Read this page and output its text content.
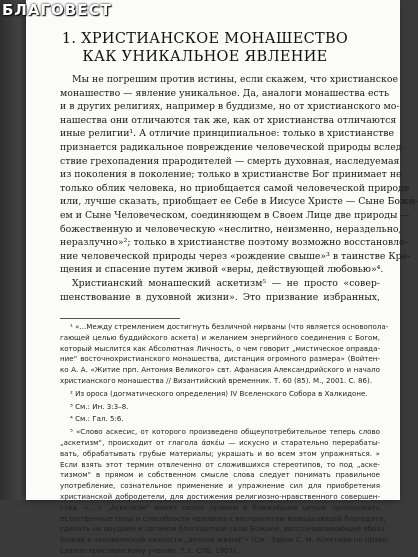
БЛАГОВЕСТ
1. ХРИСТИАНСКОЕ МОНАШЕСТВО
КАК УНИКАЛЬНОЕ ЯВЛЕНИЕ
Мы не погрешим против истины, если скажем, что христианское
монашество — явление уникальное. Да, аналоги монашества есть
и в других религиях, например в буддизме, но от христианского мо-
нашества они отличаются так же, как от христианства отличаются
иные религии¹. А отличие принципиальное: только в христианстве
признается радикальное повреждение человеческой природы вслед-
ствие грехопадения прародителей — смерть духовная, наследуемая
из поколения в поколение; только в христианстве Бог принимает не
только облик человека, но приобщается самой человеческой природе
или, лучше сказать, приобщает ее Себе в Иисусе Христе — Сыне Божи-
ем и Сыне Человеческом, соединяющем в Своем Лице две природы —
божественную и человеческую «неслитно, неизменно, нераздельно,
неразлучно»²; только в христианстве поэтому возможно восстановле-
ние человеческой природы через «рождение свыше»³ в таинстве Кре-
щения и спасение путем живой «веры, действующей любовью»⁴.
Христианский монашеский аскетизм⁵ — не просто «совер-
шенствование в духовной жизни». Это призвание избранных,
¹ «...Между стремлением достигнуть безличной нирваны (что является основопола-
гающей целью буддийского аскета) и желанием энергийного соединения с Богом,
который мыслится как Абсолютная Личность, о чем говорит „мистическое оправда-
ние“ восточнохристианского монашества, дистанция огромного размера» (Войтен-
ко А. А. «Житие прп. Антония Великого» свт. Афанасия Александрийского и начало
христианского монашества // Византийский временник. Т. 60 (85). М., 2001. С. 86).
² Из ороса (догматического определения) IV Вселенского Собора в Халкидоне.
³ См.: Ин. 3:3–8.
⁴ См.: Гал. 5:6.
⁵ «Слово аскесис, от которого произведено общеупотребительное теперь слово
„аскетизм“, происходит от глагола άσκέω — искусно и старательно перерабаты-
вать, обрабатывать грубые материалы; украшать и во всем этом упражняться. »
Если взять этот термин отвлеченно от сложившихся стереотипов, то под „аске-
тизмом“ в прямом и собственном смысле слова следует понимать правильное
употребление, сознательное применение и упражнение сил для приобретения
христианской добродетели, для достижения религиозно-нравственного совершен-
ства. <...> „Аскетизм“ имеет своею прямою и ближайшею целью приноровить
естественные силы и способности человека к воспринятию возвышающей благодати,
сделать их орудием и органом благодатной силы Божией, восстанавливающей образ
Божий в человеческой личности „вечной жизни“» (См.: Зарин С. М. Аскетизм по право-
славно-христианскому учению. Т.1. СПб, 1907).
